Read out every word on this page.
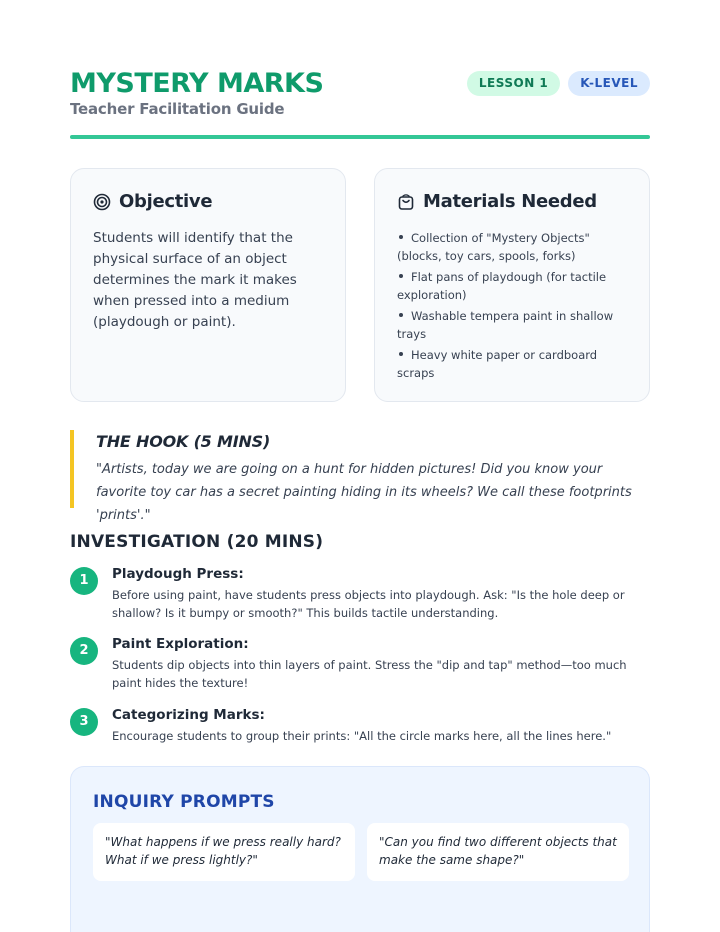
MYSTERY MARKS
Teacher Facilitation Guide
LESSON 1	K-LEVEL
Objective
Students will identify that the physical surface of an object determines the mark it makes when pressed into a medium (playdough or paint).
Materials Needed
Collection of "Mystery Objects" (blocks, toy cars, spools, forks)
Flat pans of playdough (for tactile exploration)
Washable tempera paint in shallow trays
Heavy white paper or cardboard scraps
THE HOOK (5 MINS)
"Artists, today we are going on a hunt for hidden pictures! Did you know your favorite toy car has a secret painting hiding in its wheels? We call these footprints 'prints'."
INVESTIGATION (20 MINS)
1	Playdough Press:
Before using paint, have students press objects into playdough. Ask: "Is the hole deep or shallow? Is it bumpy or smooth?" This builds tactile understanding.
2	Paint Exploration:
Students dip objects into thin layers of paint. Stress the "dip and tap" method—too much paint hides the texture!
3	Categorizing Marks:
Encourage students to group their prints: "All the circle marks here, all the lines here."
INQUIRY PROMPTS
"What happens if we press really hard? What if we press lightly?"
"Can you find two different objects that make the same shape?"
